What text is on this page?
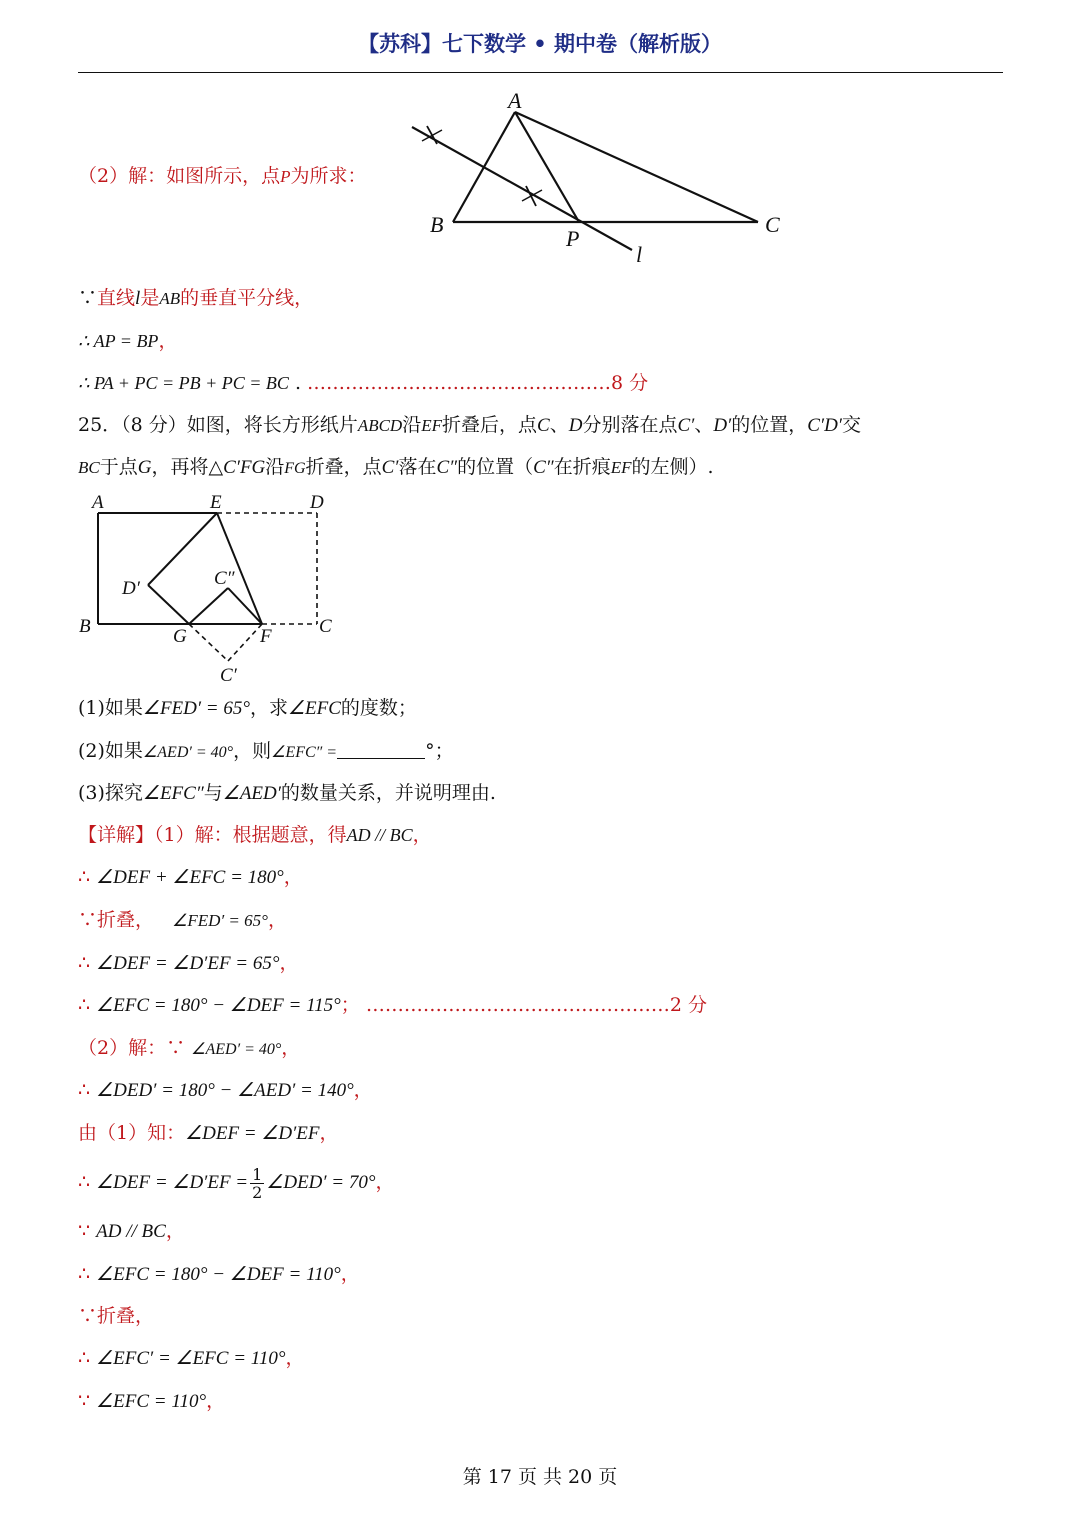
【苏科】七下数学 • 期中卷（解析版）
A
B	C
P
l
（2）解：如图所示，点P为所求：
∵直线l是AB的垂直平分线，
∴ AP = BP，
∴ PA + PC = PB + PC = BC . …………………………………………8 分
25．（8 分）如图，将长方形纸片ABCD沿EF折叠后，点C、D分别落在点C′、D′的位置，C′D′交
BC于点G，再将△C′FG沿FG折叠，点C′落在C″的位置（C″在折痕EF的左侧）.
A	E	D
D′	C″
B	G	F C
C′
(1)如果∠FED′ = 65°，求∠EFC的度数；
(2)如果∠AED′ = 40°，则∠EFC″ =	°；
(3)探究∠EFC″与∠AED′的数量关系，并说明理由.
【详解】（1）解：根据题意，得AD // BC，
∴ ∠DEF + ∠EFC = 180°，
∵折叠， ∠FED′ = 65°，
∴ ∠DEF = ∠D′EF = 65°，
∴ ∠EFC = 180° − ∠DEF = 115°； …………………………………………2 分
（2）解：∵ ∠AED′ = 40°，
∴ ∠DED′ = 180° − ∠AED′ = 140°，
由（1）知：∠DEF = ∠D′EF，
∴ ∠DEF = ∠D′EF = $\frac{1}{2}$ ∠DED′ = 70°，
∵ AD // BC，
∴ ∠EFC = 180° − ∠DEF = 110°，
∵折叠，
∴ ∠EFC′ = ∠EFC = 110°，
∵ ∠EFC = 110°，
第 17 页 共 20 页
